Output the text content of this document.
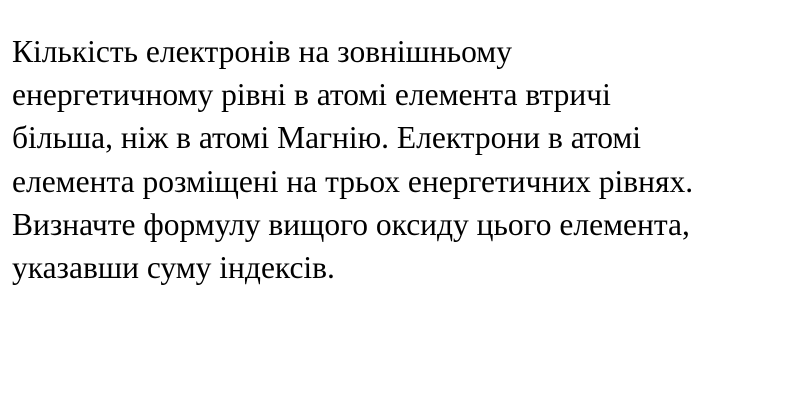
Кількість електронів на зовнішньому
енергетичному рівні в атомі елемента втричі
більша, ніж в атомі Магнію. Електрони в атомі
елемента розміщені на трьох енергетичних рівнях.
Визначте формулу вищого оксиду цього елемента,
указавши суму індексів.
